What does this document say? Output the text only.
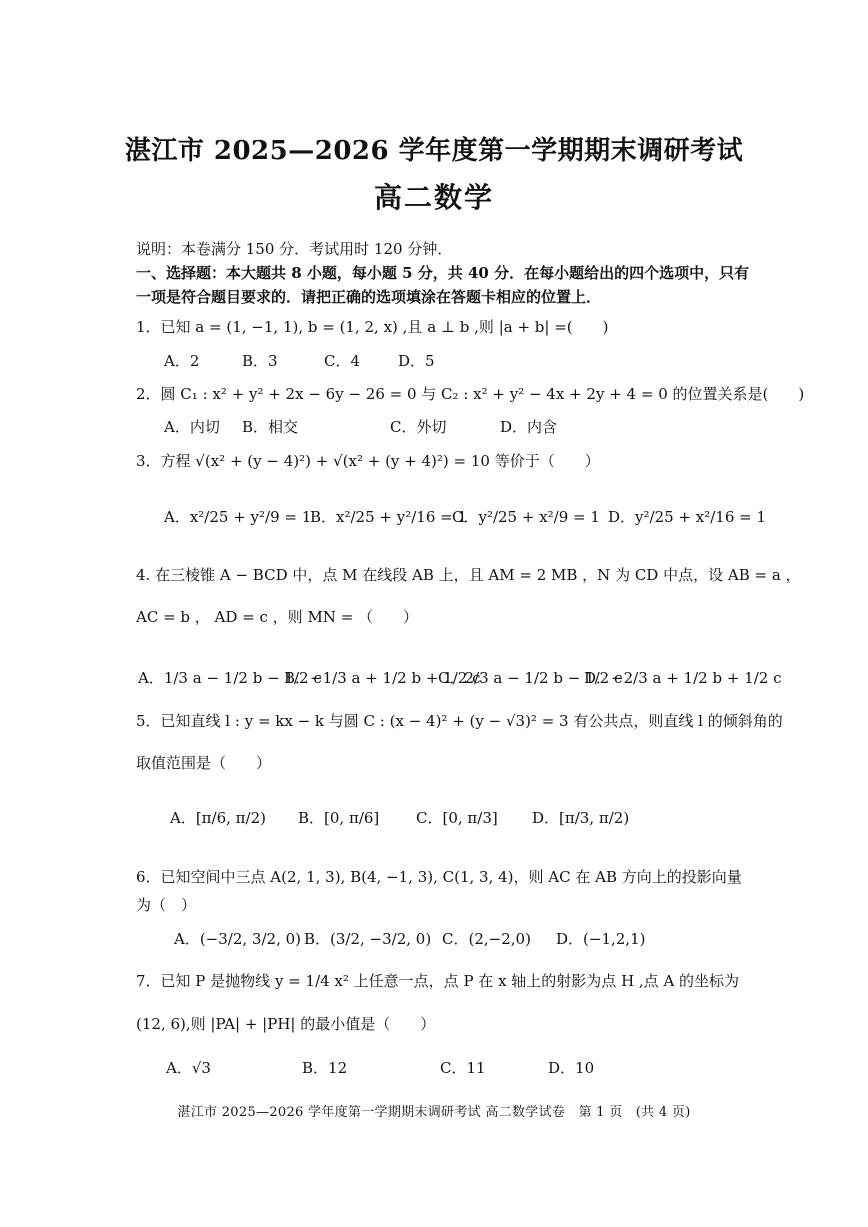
湛江市 2025—2026 学年度第一学期期末调研考试
高二数学
说明：本卷满分 150 分．考试用时 120 分钟．
一、选择题：本大题共 8 小题，每小题 5 分，共 40 分．在每小题给出的四个选项中，只有
一项是符合题目要求的．请把正确的选项填涂在答题卡相应的位置上．
1．已知 a = (1, −1, 1), b = (1, 2, x) ,且 a ⊥ b ,则 |a + b| =(　　)
A．2	B．3	C．4	D．5
2．圆 C₁ : x² + y² + 2x − 6y − 26 = 0 与 C₂ : x² + y² − 4x + 2y + 4 = 0 的位置关系是(　　)
A．内切 B．相交	C．外切	D．内含
3．方程 √(x² + (y − 4)²) + √(x² + (y + 4)²) = 10 等价于（　　）
A．x²/25 + y²/9 = 1
B．x²/25 + y²/16 = 1
C．y²/25 + x²/9 = 1 D．y²/25 + x²/16 = 1
4. 在三棱锥 A − BCD 中，点 M 在线段 AB 上，且 AM = 2 MB ，N 为 CD 中点，设 AB = a ，
AC = b ， AD = c ，则 MN = （　　）
A．1/3 a − 1/2 b − 1/2 c
B．−1/3 a + 1/2 b + 1/2 c
C．2/3 a − 1/2 b − 1/2 c
D．−2/3 a + 1/2 b + 1/2 c
5．已知直线 l : y = kx − k 与圆 C : (x − 4)² + (y − √3)² = 3 有公共点，则直线 l 的倾斜角的
取值范围是（　　）
A．[π/6, π/2) B．[0, π/6] C．[0, π/3] D．[π/3, π/2)
6．已知空间中三点 A(2, 1, 3), B(4, −1, 3), C(1, 3, 4)，则 AC 在 AB 方向上的投影向量
为（　）
A．(−3/2, 3/2, 0) B．(3/2, −3/2, 0) C．(2,−2,0) D．(−1,2,1)
7．已知 P 是抛物线 y = 1/4 x² 上任意一点，点 P 在 x 轴上的射影为点 H ,点 A 的坐标为
(12, 6),则 |PA| + |PH| 的最小值是（　　）
A．√3	B．12	C．11	D．10
湛江市 2025—2026 学年度第一学期期末调研考试 高二数学试卷　第 1 页　(共 4 页)
